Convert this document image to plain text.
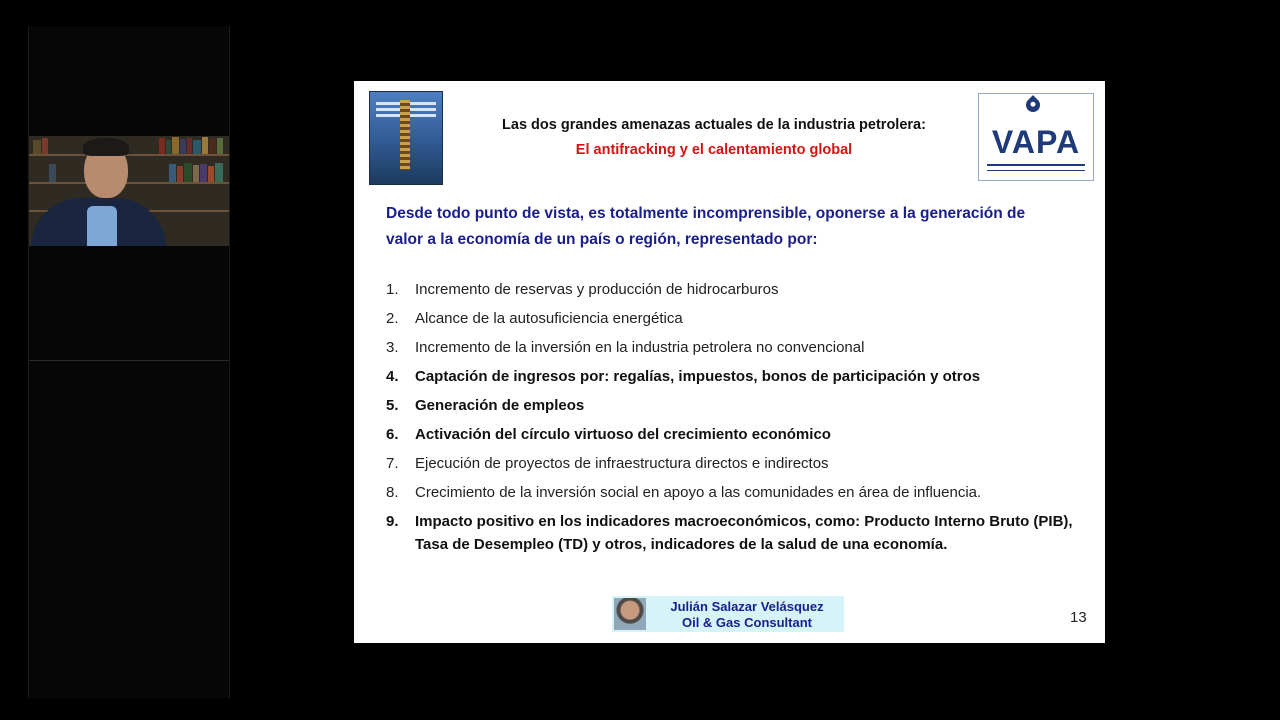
Las dos grandes amenazas actuales de la industria petrolera:
El antifracking y el calentamiento global	VAPA
Desde todo punto de vista, es totalmente incomprensible, oponerse a la generación de valor a la economía de un país o región, representado por:
1. Incremento de reservas y producción de hidrocarburos
2. Alcance de la autosuficiencia energética
3. Incremento de la inversión en la industria petrolera no convencional
4. Captación de ingresos por: regalías, impuestos, bonos de participación y otros
5. Generación de empleos
6. Activación del círculo virtuoso del crecimiento económico
7. Ejecución de proyectos de infraestructura directos e indirectos
8. Crecimiento de la inversión social en apoyo a las comunidades en área de influencia.
9. Impacto positivo en los indicadores macroeconómicos, como: Producto Interno Bruto (PIB), Tasa de Desempleo (TD) y otros, indicadores de la salud de una economía.
Julián Salazar Velásquez
Oil & Gas Consultant	13
